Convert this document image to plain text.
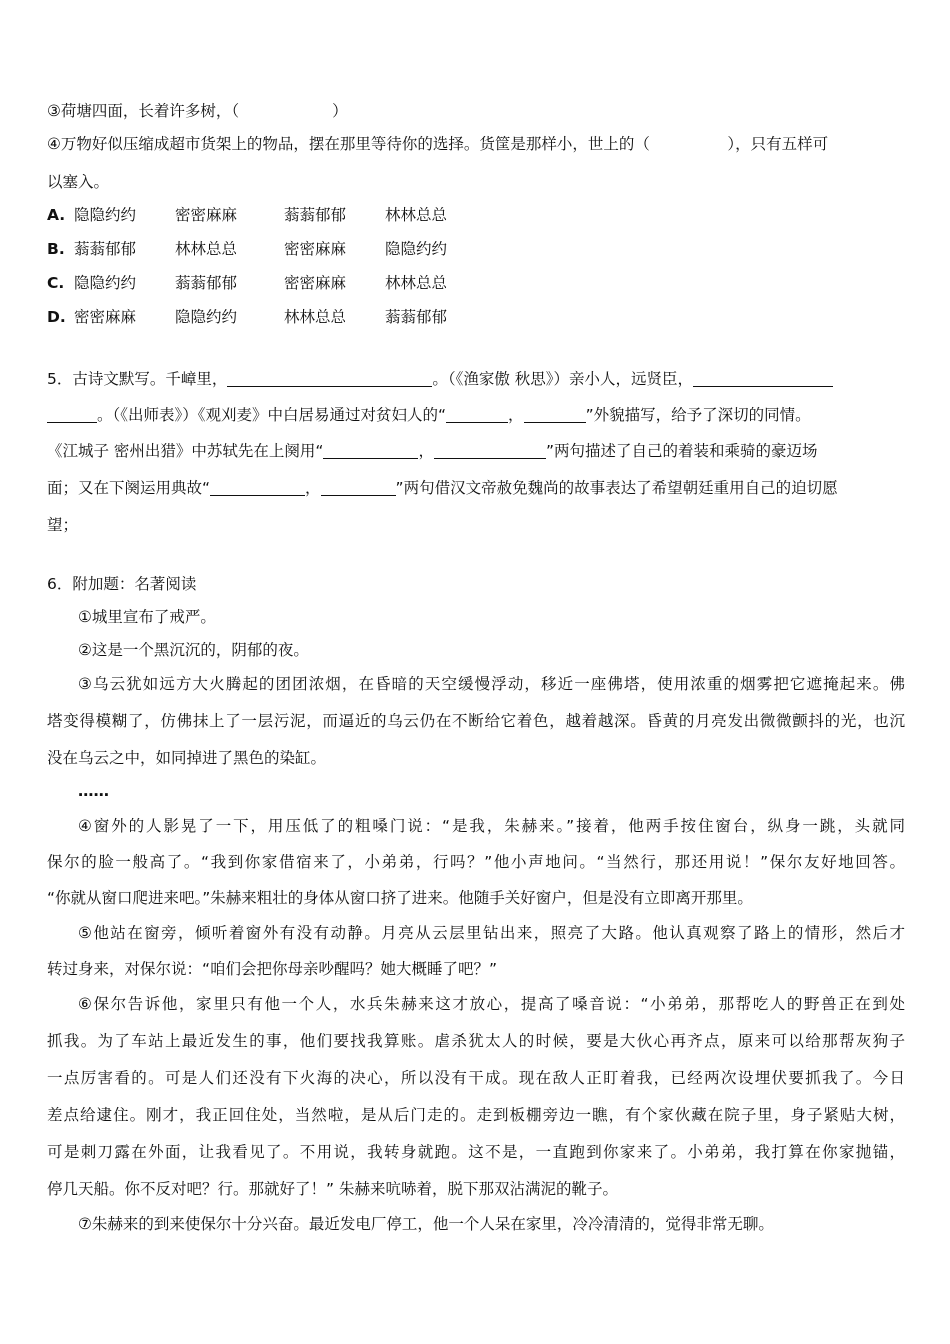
③荷塘四面，长着许多树，（　　　　　　）
④万物好似压缩成超市货架上的物品，摆在那里等待你的选择。货筐是那样小，世上的（　　　　　），只有五样可
以塞入。
A. 隐隐约约	密密麻麻	蓊蓊郁郁	林林总总
B. 蓊蓊郁郁	林林总总	密密麻麻	隐隐约约
C. 隐隐约约	蓊蓊郁郁	密密麻麻	林林总总
D. 密密麻麻	隐隐约约	林林总总	蓊蓊郁郁
5．古诗文默写。千嶂里，	。（《渔家傲 秋思》）亲小人，远贤臣，
。（《出师表》）《观刈麦》中白居易通过对贫妇人的“	，	”外貌描写，给予了深切的同情。
《江城子 密州出猎》中苏轼先在上阕用“	，	”两句描述了自己的着装和乘骑的豪迈场
面；又在下阕运用典故“	，	”两句借汉文帝赦免魏尚的故事表达了希望朝廷重用自己的迫切愿
望；
6．附加题：名著阅读
①城里宣布了戒严。
②这是一个黑沉沉的，阴郁的夜。
③乌云犹如远方大火腾起的团团浓烟，在昏暗的天空缓慢浮动，移近一座佛塔，使用浓重的烟雾把它遮掩起来。佛
塔变得模糊了，仿佛抹上了一层污泥，而逼近的乌云仍在不断给它着色，越着越深。昏黄的月亮发出微微颤抖的光，也沉
没在乌云之中，如同掉进了黑色的染缸。
……
④窗外的人影晃了一下，用压低了的粗嗓门说：“是我，朱赫来。”接着，他两手按住窗台，纵身一跳，头就同
保尔的脸一般高了。“我到你家借宿来了，小弟弟，行吗？”他小声地问。“当然行，那还用说！”保尔友好地回答。
“你就从窗口爬进来吧。”朱赫来粗壮的身体从窗口挤了进来。他随手关好窗户，但是没有立即离开那里。
⑤他站在窗旁，倾听着窗外有没有动静。月亮从云层里钻出来，照亮了大路。他认真观察了路上的情形，然后才
转过身来，对保尔说：“咱们会把你母亲吵醒吗？她大概睡了吧？”
⑥保尔告诉他，家里只有他一个人，水兵朱赫来这才放心，提高了嗓音说：“小弟弟，那帮吃人的野兽正在到处
抓我。为了车站上最近发生的事，他们要找我算账。虐杀犹太人的时候，要是大伙心再齐点，原来可以给那帮灰狗子
一点厉害看的。可是人们还没有下火海的决心，所以没有干成。现在敌人正盯着我，已经两次设埋伏要抓我了。今日
差点给逮住。刚才，我正回住处，当然啦，是从后门走的。走到板棚旁边一瞧，有个家伙藏在院子里，身子紧贴大树，
可是刺刀露在外面，让我看见了。不用说，我转身就跑。这不是，一直跑到你家来了。小弟弟，我打算在你家抛锚，
停几天船。你不反对吧？行。那就好了！” 朱赫来吭哧着，脱下那双沾满泥的靴子。
⑦朱赫来的到来使保尔十分兴奋。最近发电厂停工，他一个人呆在家里，冷冷清清的，觉得非常无聊。
